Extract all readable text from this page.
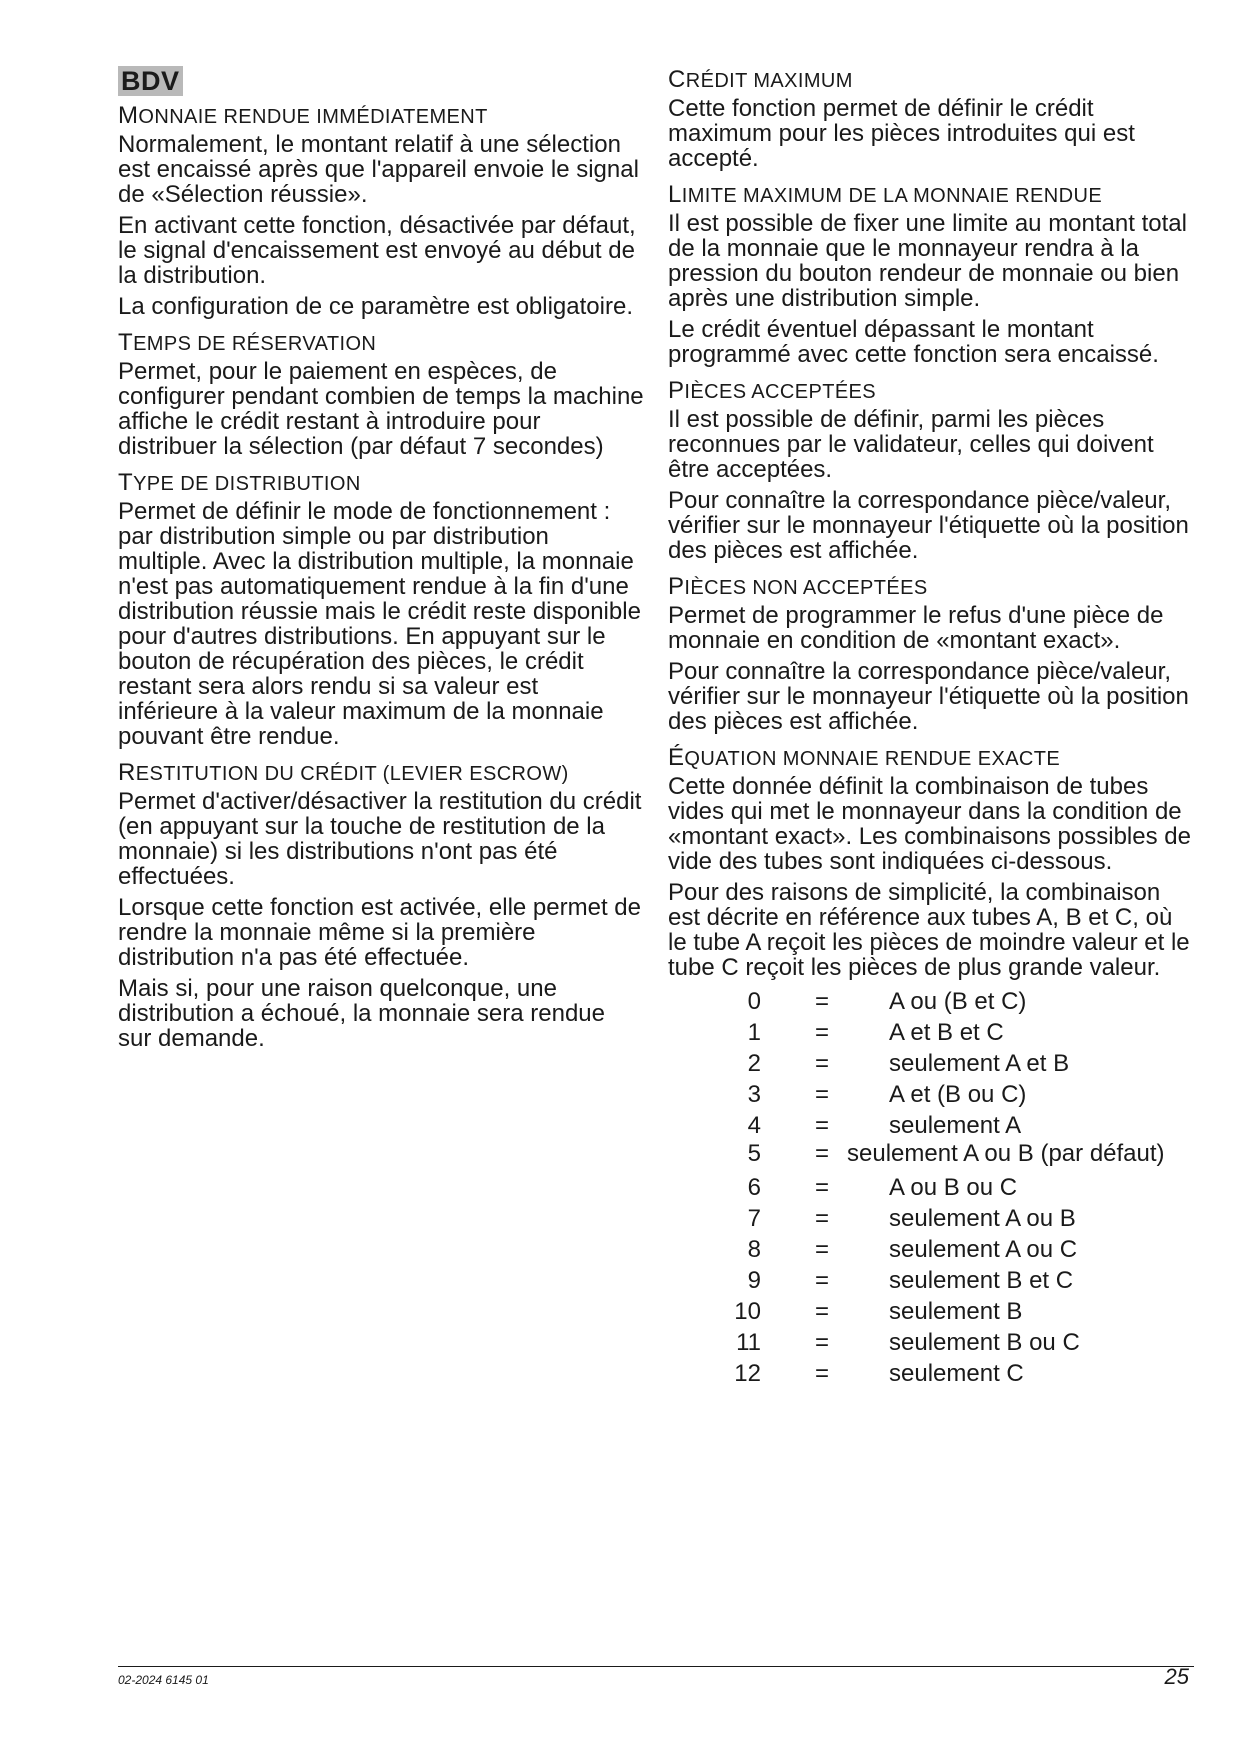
BDV
MONNAIE RENDUE IMMÉDIATEMENT

Normalement, le montant relatif à une sélection est encaissé après que l'appareil envoie le signal de «Sélection réussie».

En activant cette fonction, désactivée par défaut, le signal d'encaissement est envoyé au début de la distribution.

La configuration de ce paramètre est obligatoire.

TEMPS DE RÉSERVATION

Permet, pour le paiement en espèces, de configurer pendant combien de temps la machine affiche le crédit restant à introduire pour distribuer la sélection (par défaut 7 secondes)

TYPE DE DISTRIBUTION

Permet de définir le mode de fonctionnement : par distribution simple ou par distribution multiple. Avec la distribution multiple, la monnaie n'est pas automatiquement rendue à la fin d'une distribution réussie mais le crédit reste disponible pour d'autres distributions. En appuyant sur le bouton de récupération des pièces, le crédit restant sera alors rendu si sa valeur est inférieure à la valeur maximum de la monnaie pouvant être rendue.

RESTITUTION DU CRÉDIT (LEVIER ESCROW)

Permet d'activer/désactiver la restitution du crédit (en appuyant sur la touche de restitution de la monnaie) si les distributions n'ont pas été effectuées.

Lorsque cette fonction est activée, elle permet de rendre la monnaie même si la première distribution n'a pas été effectuée.

Mais si, pour une raison quelconque, une distribution a échoué, la monnaie sera rendue sur demande.

CRÉDIT MAXIMUM

Cette fonction permet de définir le crédit maximum pour les pièces introduites qui est accepté.

LIMITE MAXIMUM DE LA MONNAIE RENDUE

Il est possible de fixer une limite au montant total de la monnaie que le monnayeur rendra à la pression du bouton rendeur de monnaie ou bien après une distribution simple.

Le crédit éventuel dépassant le montant programmé avec cette fonction sera encaissé.

PIÈCES ACCEPTÉES

Il est possible de définir, parmi les pièces reconnues par le validateur, celles qui doivent être acceptées.

Pour connaître la correspondance pièce/valeur, vérifier sur le monnayeur l'étiquette où la position des pièces est affichée.

PIÈCES NON ACCEPTÉES

Permet de programmer le refus d'une pièce de monnaie en condition de «montant exact».

Pour connaître la correspondance pièce/valeur, vérifier sur le monnayeur l'étiquette où la position des pièces est affichée.

ÉQUATION MONNAIE RENDUE EXACTE

Cette donnée définit la combinaison de tubes vides qui met le monnayeur dans la condition de «montant exact». Les combinaisons possibles de vide des tubes sont indiquées ci-dessous.

Pour des raisons de simplicité, la combinaison est décrite en référence aux tubes A, B et C, où le tube A reçoit les pièces de moindre valeur et le tube C reçoit les pièces de plus grande valeur.

0	=	A ou (B et C)
1	=	A et B et C
2	=	seulement A et B
3	=	A et (B ou C)
4	=	seulement A
5 = seulement A ou B (par défaut)
6	=	A ou B ou C
7	=	seulement A ou B
8	=	seulement A ou C
9	=	seulement B et C
10	=	seulement B
11	=	seulement B ou C
12	=	seulement C
02-2024 6145 01	25
